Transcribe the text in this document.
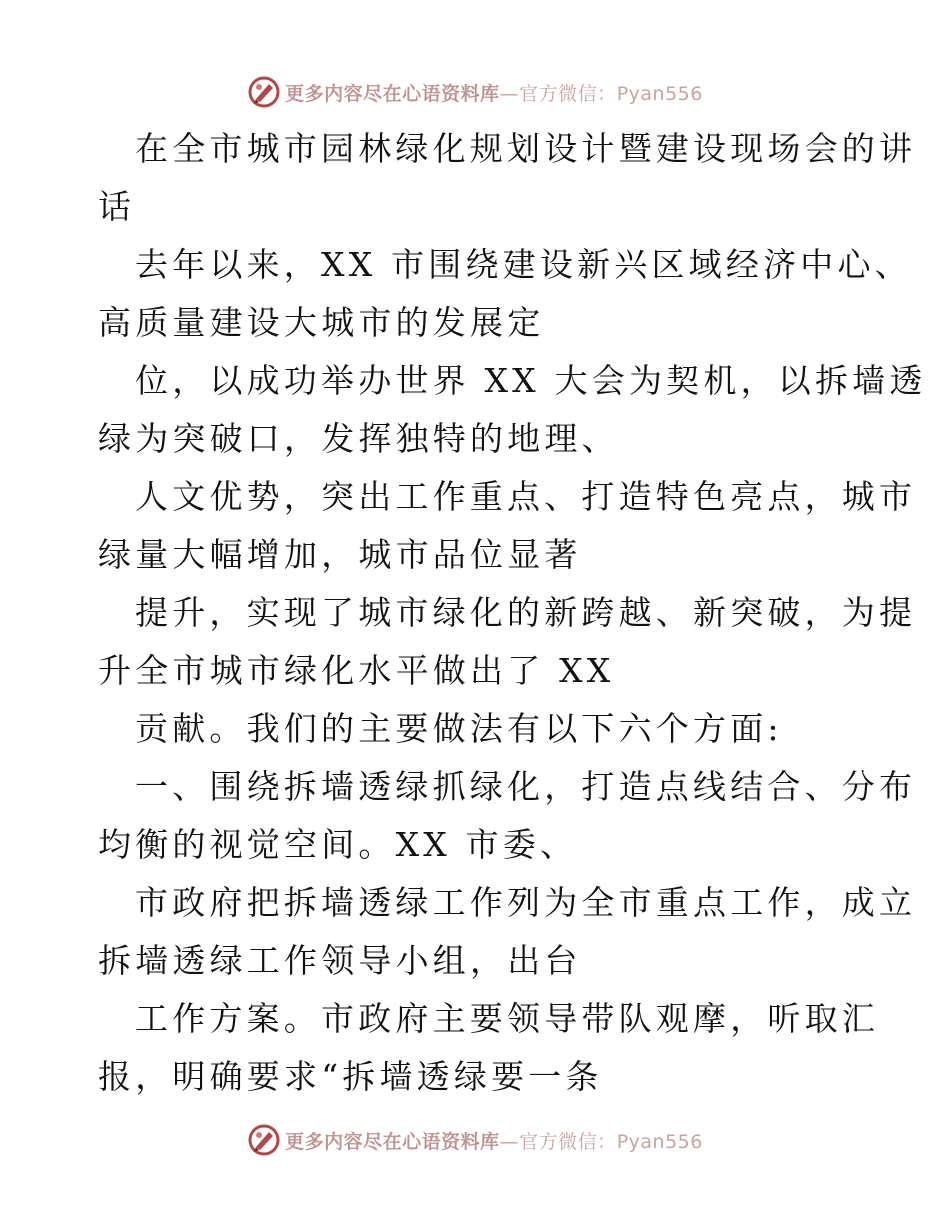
更多内容尽在心语资料库—官方微信：Pyan556

在全市城市园林绿化规划设计暨建设现场会的讲
话

去年以来，XX 市围绕建设新兴区域经济中心、
高质量建设大城市的发展定

位，以成功举办世界 XX 大会为契机，以拆墙透
绿为突破口，发挥独特的地理、

人文优势，突出工作重点、打造特色亮点，城市
绿量大幅增加，城市品位显著

提升，实现了城市绿化的新跨越、新突破，为提
升全市城市绿化水平做出了 XX

贡献。我们的主要做法有以下六个方面:

一、围绕拆墙透绿抓绿化，打造点线结合、分布
均衡的视觉空间。XX 市委、

市政府把拆墙透绿工作列为全市重点工作，成立
拆墙透绿工作领导小组，出台

工作方案。市政府主要领导带队观摩，听取汇
报，明确要求“拆墙透绿要一条

更多内容尽在心语资料库—官方微信：Pyan556
